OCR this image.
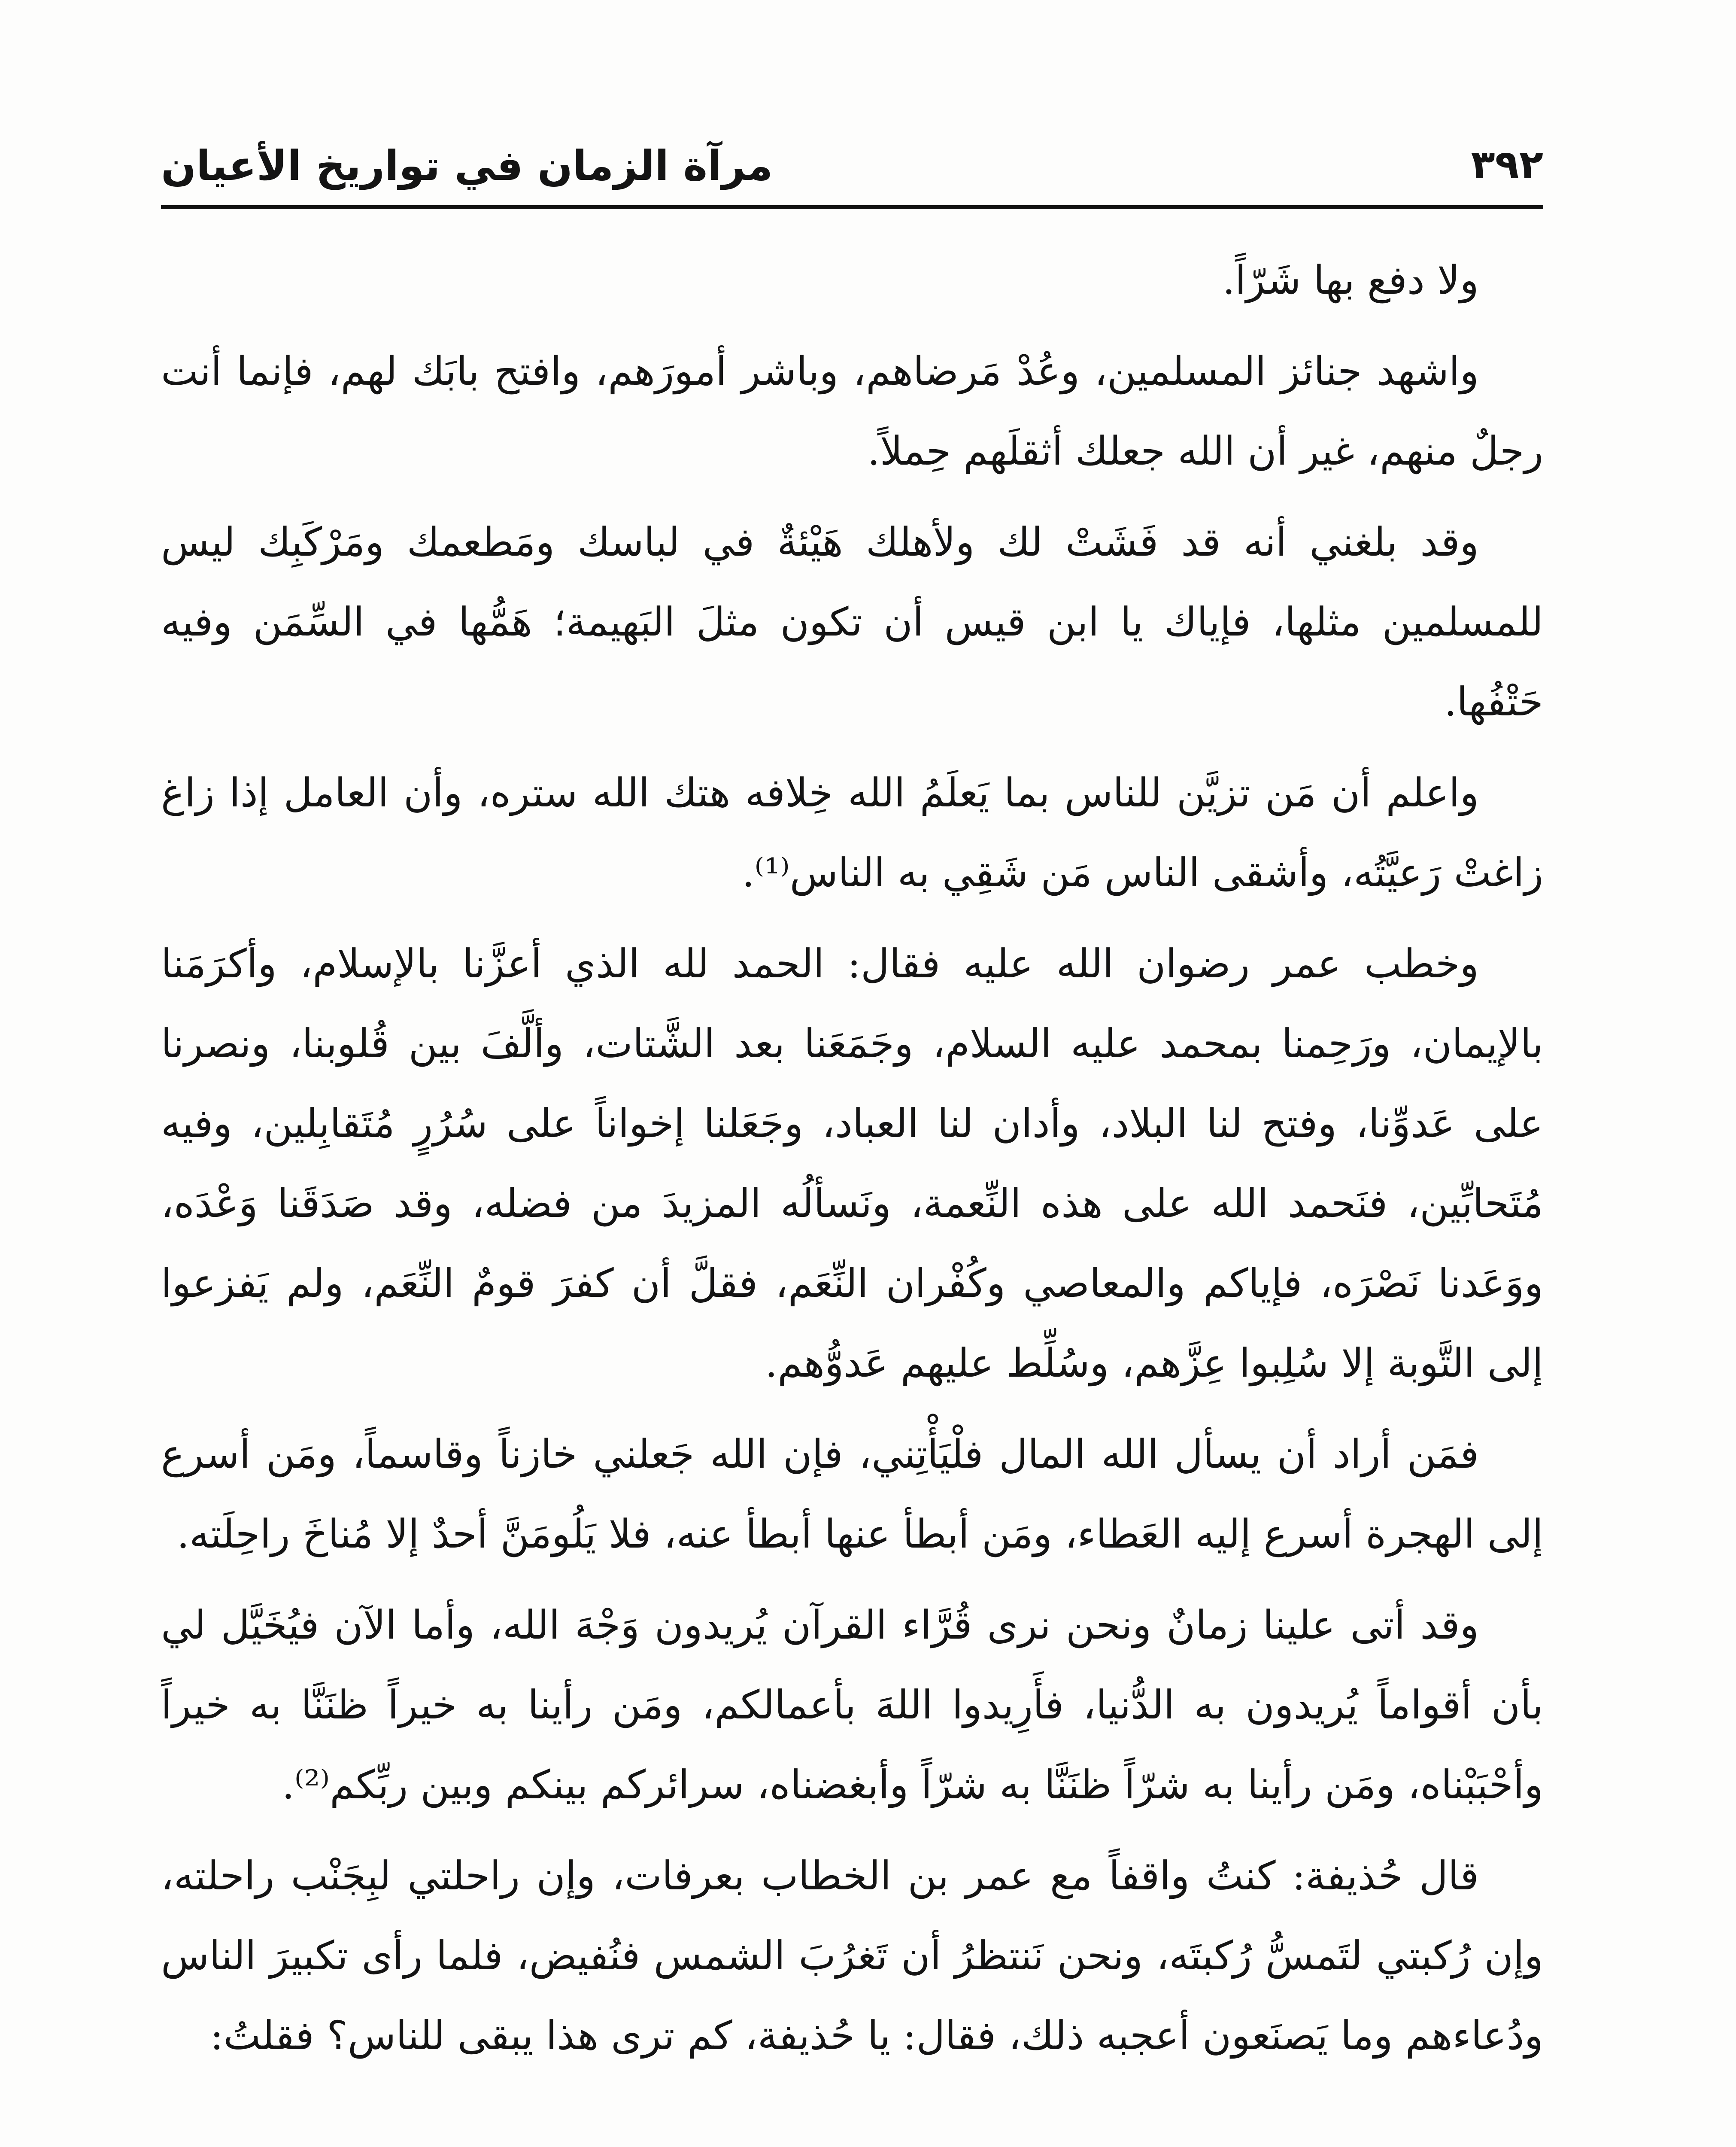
٣٩٢
مرآة الزمان في تواريخ الأعيان

ولا دفع بها شَرّاً.

واشهد جنائز المسلمين، وعُدْ مَرضاهم، وباشر أمورَهم، وافتح بابَك لهم، فإنما أنت رجلٌ منهم، غير أن الله جعلك أثقلَهم حِملاً.

وقد بلغني أنه قد فَشَتْ لك ولأهلك هَيْئةٌ في لباسك ومَطعمك ومَرْكَبِك ليس للمسلمين مثلها، فإياك يا ابن قيس أن تكون مثلَ البَهيمة؛ هَمُّها في السِّمَن وفيه حَتْفُها.

واعلم أن مَن تزيَّن للناس بما يَعلَمُ الله خِلافه هتك الله ستره، وأن العامل إذا زاغ زاغتْ رَعيَّتُه، وأشقى الناس مَن شَقِي به الناس⁽¹⁾.

وخطب عمر رضوان الله عليه فقال: الحمد لله الذي أعزَّنا بالإسلام، وأكرَمَنا بالإيمان، ورَحِمنا بمحمد عليه السلام، وجَمَعَنا بعد الشَّتات، وألَّفَ بين قُلوبنا، ونصرنا على عَدوِّنا، وفتح لنا البلاد، وأدان لنا العباد، وجَعَلنا إخواناً على سُرُرٍ مُتَقابِلين، وفيه مُتَحابِّين، فنَحمد الله على هذه النِّعمة، ونَسألُه المزيدَ من فضله، وقد صَدَقَنا وَعْدَه، ووَعَدنا نَصْرَه، فإياكم والمعاصي وكُفْران النِّعَم، فقلَّ أن كفرَ قومٌ النِّعَم، ولم يَفزعوا إلى التَّوبة إلا سُلِبوا عِزَّهم، وسُلِّط عليهم عَدوُّهم.

فمَن أراد أن يسأل الله المال فلْيَأْتِني، فإن الله جَعلني خازناً وقاسماً، ومَن أسرع إلى الهجرة أسرع إليه العَطاء، ومَن أبطأ عنها أبطأ عنه، فلا يَلُومَنَّ أحدٌ إلا مُناخَ راحِلَته.

وقد أتى علينا زمانٌ ونحن نرى قُرَّاء القرآن يُريدون وَجْهَ الله، وأما الآن فيُخَيَّل لي بأن أقواماً يُريدون به الدُّنيا، فأَرِيدوا اللهَ بأعمالكم، ومَن رأينا به خيراً ظنَنَّا به خيراً وأحْبَبْناه، ومَن رأينا به شرّاً ظنَنَّا به شرّاً وأبغضناه، سرائركم بينكم وبين ربِّكم⁽²⁾.

قال حُذيفة: كنتُ واقفاً مع عمر بن الخطاب بعرفات، وإن راحلتي لبِجَنْب راحلته، وإن رُكبتي لتَمسُّ رُكبتَه، ونحن نَنتظرُ أن تَغرُبَ الشمس فنُفيض، فلما رأى تكبيرَ الناس ودُعاءهم وما يَصنَعون أعجبه ذلك، فقال: يا حُذيفة، كم ترى هذا يبقى للناس؟ فقلتُ:
